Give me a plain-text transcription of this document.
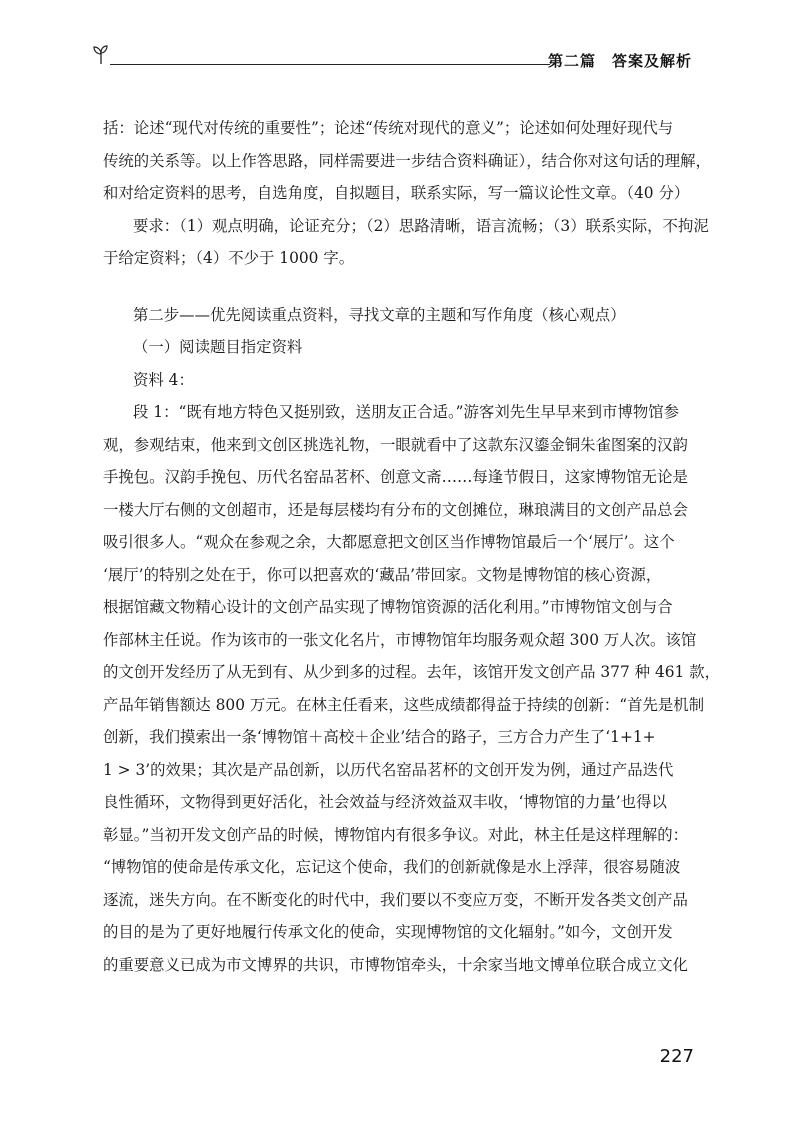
第二篇　答案及解析
括：论述“现代对传统的重要性”；论述“传统对现代的意义”；论述如何处理好现代与
传统的关系等。以上作答思路，同样需要进一步结合资料确证），结合你对这句话的理解，
和对给定资料的思考，自选角度，自拟题目，联系实际，写一篇议论性文章。（40 分）
要求：（1）观点明确，论证充分；（2）思路清晰，语言流畅；（3）联系实际，不拘泥
于给定资料；（4）不少于 1000 字。
第二步——优先阅读重点资料，寻找文章的主题和写作角度（核心观点）
（一）阅读题目指定资料
资料 4：
段 1：“既有地方特色又挺别致，送朋友正合适。”游客刘先生早早来到市博物馆参
观，参观结束，他来到文创区挑选礼物，一眼就看中了这款东汉鎏金铜朱雀图案的汉韵
手挽包。汉韵手挽包、历代名窑品茗杯、创意文斋……每逢节假日，这家博物馆无论是
一楼大厅右侧的文创超市，还是每层楼均有分布的文创摊位，琳琅满目的文创产品总会
吸引很多人。“观众在参观之余，大都愿意把文创区当作博物馆最后一个‘展厅’。这个
‘展厅’的特别之处在于，你可以把喜欢的‘藏品’带回家。文物是博物馆的核心资源，
根据馆藏文物精心设计的文创产品实现了博物馆资源的活化利用。”市博物馆文创与合
作部林主任说。作为该市的一张文化名片，市博物馆年均服务观众超 300 万人次。该馆
的文创开发经历了从无到有、从少到多的过程。去年，该馆开发文创产品 377 种 461 款，
产品年销售额达 800 万元。在林主任看来，这些成绩都得益于持续的创新：“首先是机制
创新，我们摸索出一条‘博物馆＋高校＋企业’结合的路子，三方合力产生了‘1+1+
1 > 3’的效果；其次是产品创新，以历代名窑品茗杯的文创开发为例，通过产品迭代
良性循环，文物得到更好活化，社会效益与经济效益双丰收，‘博物馆的力量’也得以
彰显。”当初开发文创产品的时候，博物馆内有很多争议。对此，林主任是这样理解的：
“博物馆的使命是传承文化，忘记这个使命，我们的创新就像是水上浮萍，很容易随波
逐流，迷失方向。在不断变化的时代中，我们要以不变应万变，不断开发各类文创产品
的目的是为了更好地履行传承文化的使命，实现博物馆的文化辐射。”如今，文创开发
的重要意义已成为市文博界的共识，市博物馆牵头，十余家当地文博单位联合成立文化
227
